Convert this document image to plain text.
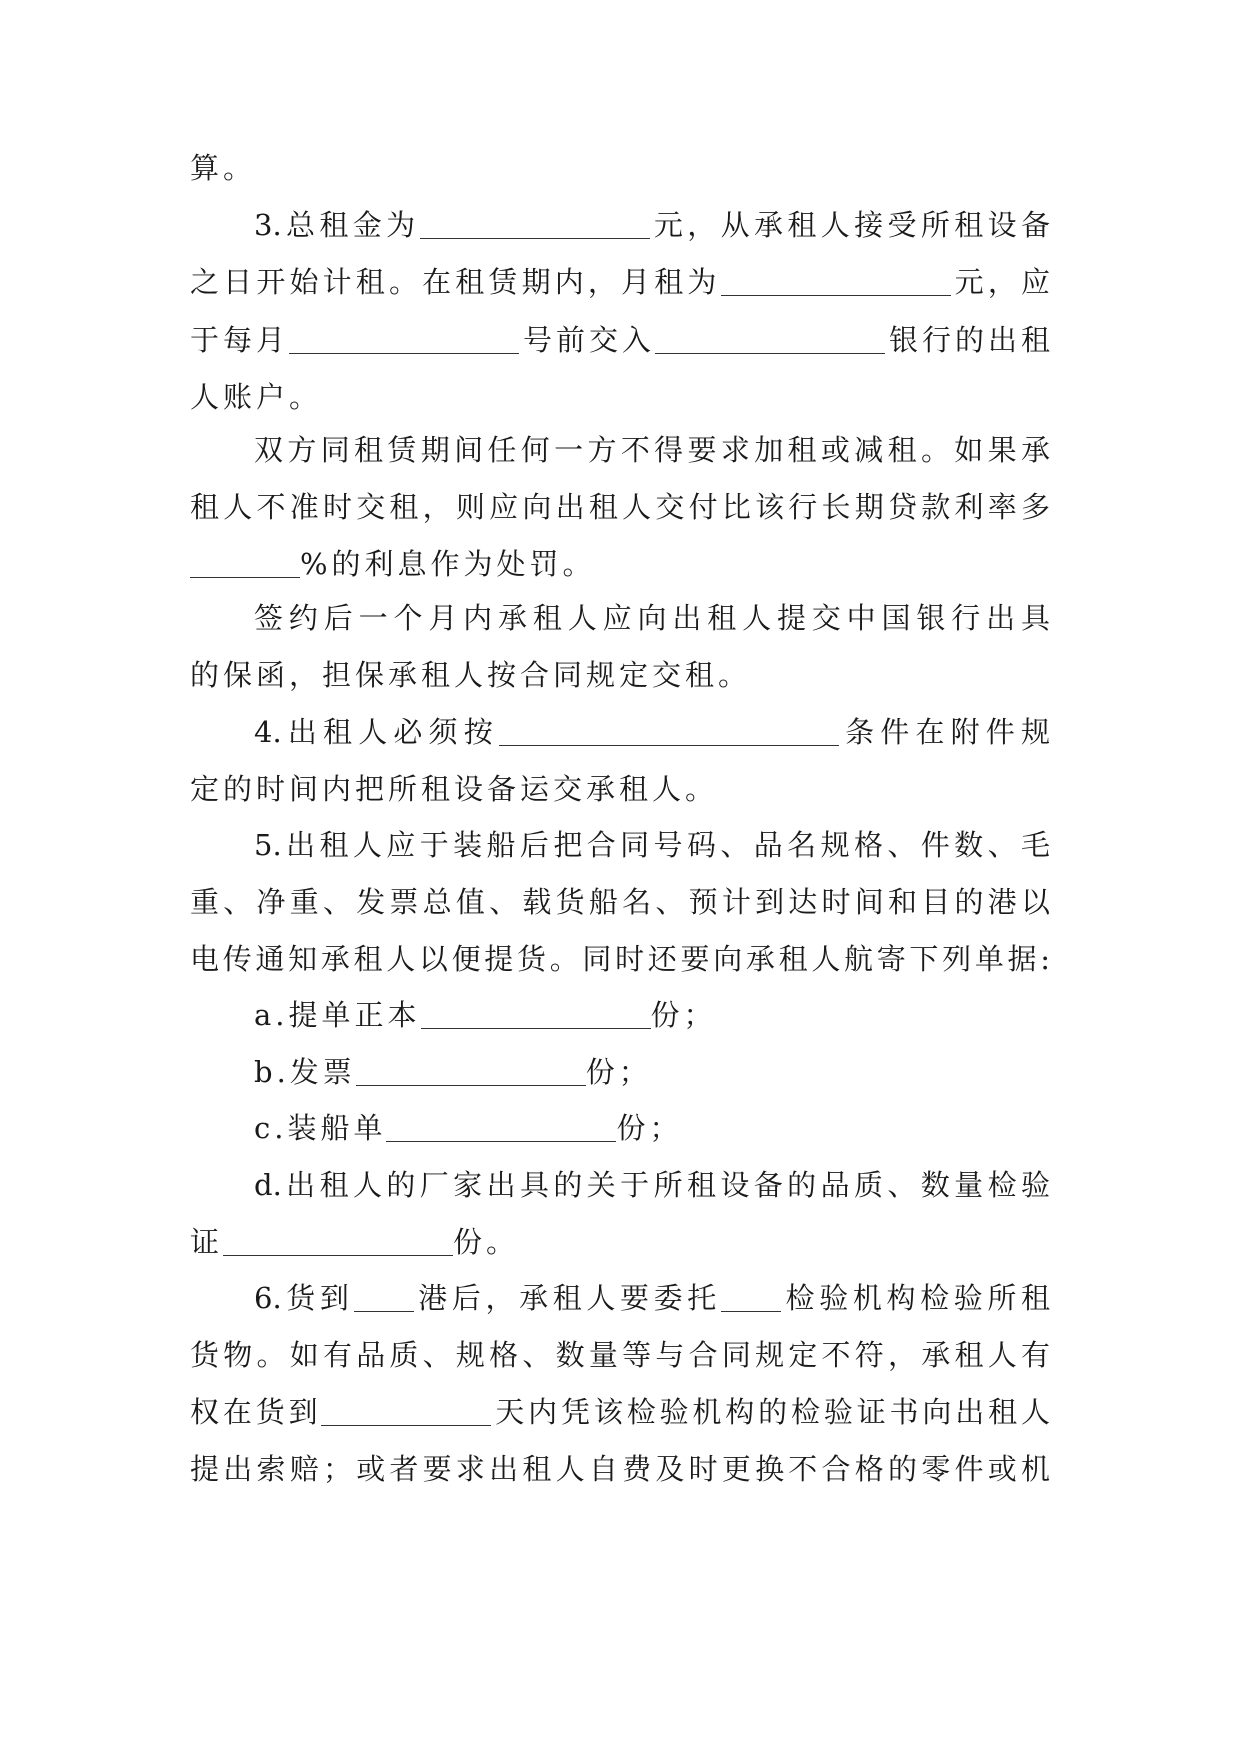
算。
3.总租金为	元，从承租人接受所租设备
之日开始计租。在租赁期内，月租为	元，应
于每月	号前交入	银行的出租
人账户。
双方同租赁期间任何一方不得要求加租或减租。如果承
租人不准时交租，则应向出租人交付比该行长期贷款利率多
%的利息作为处罚。
签约后一个月内承租人应向出租人提交中国银行出具
的保函，担保承租人按合同规定交租。
4.出租人必须按	条件在附件规
定的时间内把所租设备运交承租人。
5.出租人应于装船后把合同号码、品名规格、件数、毛
重、净重、发票总值、载货船名、预计到达时间和目的港以
电传通知承租人以便提货。同时还要向承租人航寄下列单据:
a.提单正本	份；
b.发票	份；
c.装船单	份；
d.出租人的厂家出具的关于所租设备的品质、数量检验
证	份。
6.货到 港后，承租人要委托 检验机构检验所租
货物。如有品质、规格、数量等与合同规定不符，承租人有
权在货到	天内凭该检验机构的检验证书向出租人
提出索赔；或者要求出租人自费及时更换不合格的零件或机
